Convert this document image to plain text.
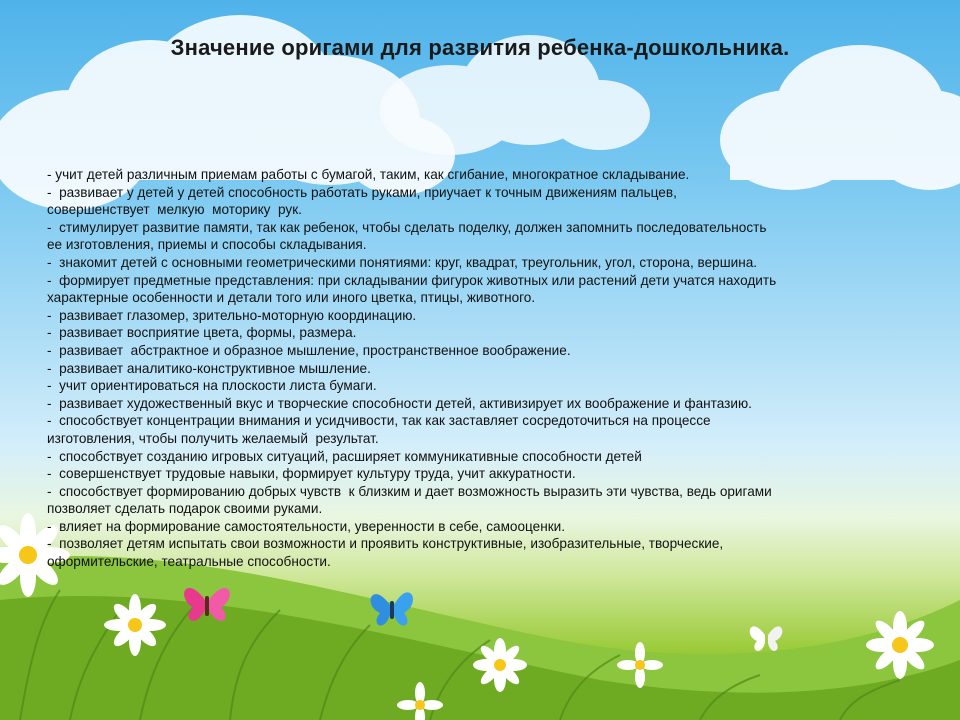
Значение оригами для развития ребенка-дошкольника.
- учит детей различным приемам работы с бумагой, таким, как сгибание, многократное складывание.
-  развивает у детей у детей способность работать руками, приучает к точным движениям пальцев,
совершенствует  мелкую  моторику  рук.
-  стимулирует развитие памяти, так как ребенок, чтобы сделать поделку, должен запомнить последовательность
ее изготовления, приемы и способы складывания.
-  знакомит детей с основными геометрическими понятиями: круг, квадрат, треугольник, угол, сторона, вершина.
-  формирует предметные представления: при складывании фигурок животных или растений дети учатся находить
характерные особенности и детали того или иного цветка, птицы, животного.
-  развивает глазомер, зрительно-моторную координацию.
-  развивает восприятие цвета, формы, размера.
-  развивает  абстрактное и образное мышление, пространственное воображение.
-  развивает аналитико-конструктивное мышление.
-  учит ориентироваться на плоскости листа бумаги.
-  развивает художественный вкус и творческие способности детей, активизирует их воображение и фантазию.
-  способствует концентрации внимания и усидчивости, так как заставляет сосредоточиться на процессе
изготовления, чтобы получить желаемый  результат.
-  способствует созданию игровых ситуаций, расширяет коммуникативные способности детей
-  совершенствует трудовые навыки, формирует культуру труда, учит аккуратности.
-  способствует формированию добрых чувств  к близким и дает возможность выразить эти чувства, ведь оригами
позволяет сделать подарок своими руками.
-  влияет на формирование самостоятельности, уверенности в себе, самооценки.
-  позволяет детям испытать свои возможности и проявить конструктивные, изобразительные, творческие,
оформительские, театральные способности.
